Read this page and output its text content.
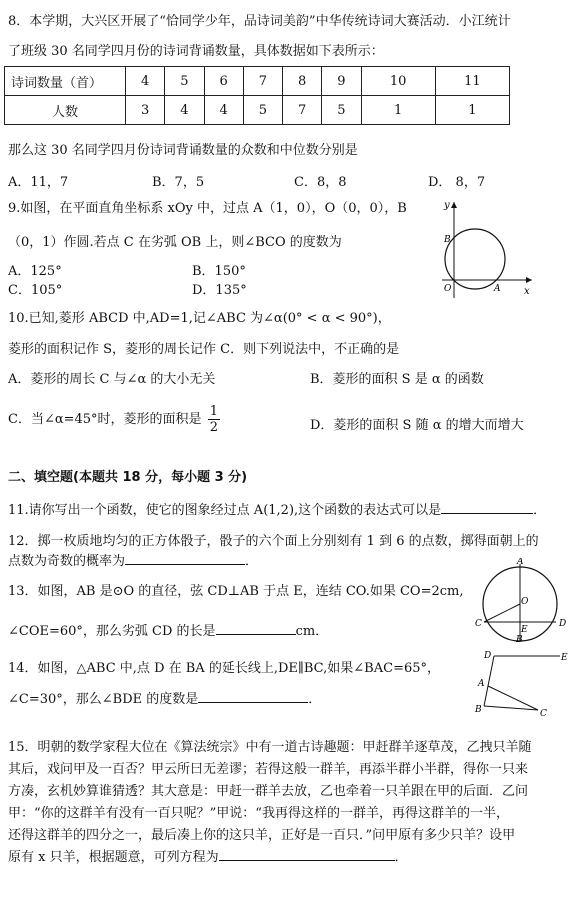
8．本学期，大兴区开展了“恰同学少年，品诗词美韵”中华传统诗词大赛活动．小江统计
了班级 30 名同学四月份的诗词背诵数量，具体数据如下表所示：
诗词数量（首）	4	5	6	7	8	9	10	11
人数	3	4	4	5	7	5	1	1
那么这 30 名同学四月份诗词背诵数量的众数和中位数分别是
A．11，7	B．7，5	C．8，8	D． 8，7
9.如图，在平面直角坐标系 xOy 中，过点 A（1，0），O（0，0），B
（0，1）作圆.若点 C 在劣弧 OB 上，则∠BCO 的度数为
A．125°	B．150°
C．105°	D．135°
y
x
O	A
B
10.已知,菱形 ABCD 中,AD=1,记∠ABC 为∠α(0° < α < 90°)，
菱形的面积记作 S，菱形的周长记作 C．则下列说法中，不正确的是
A．菱形的周长 C 与∠α 的大小无关	B．菱形的面积 S 是 α 的函数
C．当∠α=45°时，菱形的面积是 $\frac{1}{2}$	D．菱形的面积 S 随 α 的增大而增大
二、填空题(本题共 18 分，每小题 3 分)
11.请你写出一个函数，使它的图象经过点 A(1,2),这个函数的表达式可以是	．
12．掷一枚质地均匀的正方体骰子，骰子的六个面上分别刻有 1 到 6 的点数，掷得面朝上的
点数为奇数的概率为	．
13．如图，AB 是⊙O 的直径，弦 CD⊥AB 于点 E，连结 CO.如果 CO=2cm,
∠COE=60°，那么劣弧 CD 的长是	cm．
A
O
C	D
E
B
14．如图，△ABC 中,点 D 在 BA 的延长线上,DE∥BC,如果∠BAC=65°，
∠C=30°，那么∠BDE 的度数是	．
D	E
A
B	C
15．明朝的数学家程大位在《算法统宗》中有一道古诗趣题：甲赶群羊逐草茂，乙拽只羊随
其后，戏问甲及一百否？甲云所曰无差谬；若得这般一群羊，再添半群小半群，得你一只来
方凑，玄机妙算谁猜透？其大意是：甲赶一群羊去放，乙也牵着一只羊跟在甲的后面．乙问
甲：“你的这群羊有没有一百只呢？”甲说：“我再得这样的一群羊，再得这群羊的一半，
还得这群羊的四分之一，最后凑上你的这只羊，正好是一百只．”问甲原有多少只羊？设甲
原有 x 只羊，根据题意，可列方程为	．
